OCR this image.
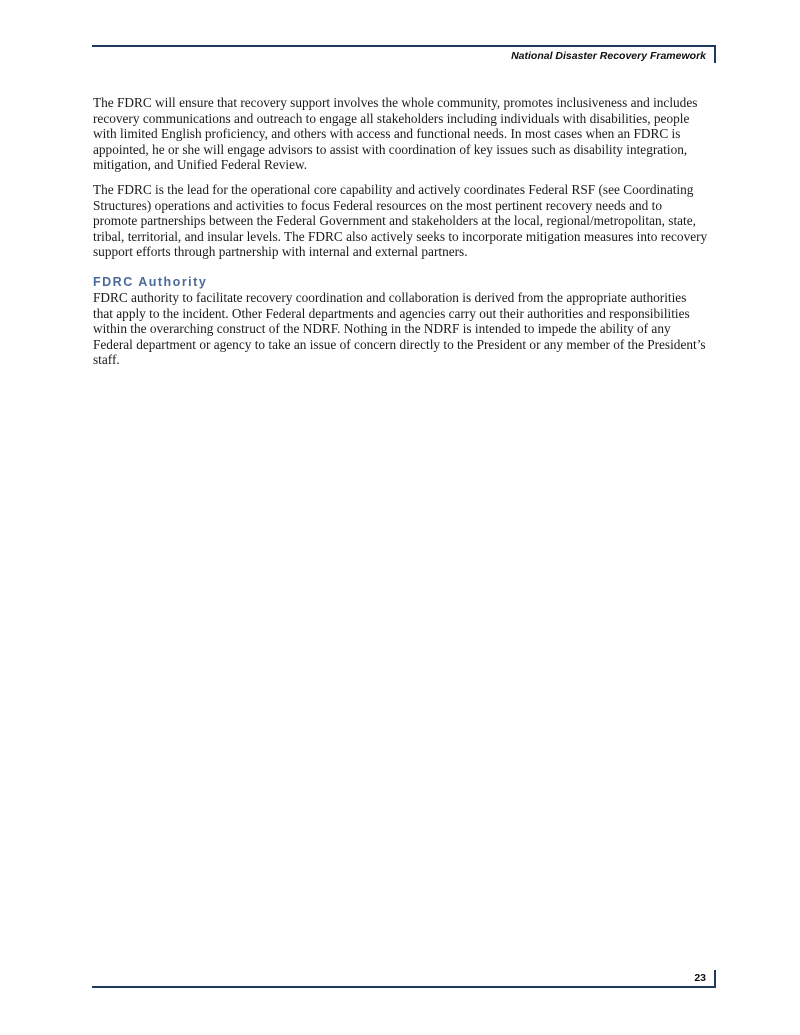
National Disaster Recovery Framework

The FDRC will ensure that recovery support involves the whole community, promotes inclusiveness and includes recovery communications and outreach to engage all stakeholders including individuals with disabilities, people with limited English proficiency, and others with access and functional needs. In most cases when an FDRC is appointed, he or she will engage advisors to assist with coordination of key issues such as disability integration, mitigation, and Unified Federal Review.

The FDRC is the lead for the operational core capability and actively coordinates Federal RSF (see Coordinating Structures) operations and activities to focus Federal resources on the most pertinent recovery needs and to promote partnerships between the Federal Government and stakeholders at the local, regional/metropolitan, state, tribal, territorial, and insular levels. The FDRC also actively seeks to incorporate mitigation measures into recovery support efforts through partnership with internal and external partners.

FDRC Authority

FDRC authority to facilitate recovery coordination and collaboration is derived from the appropriate authorities that apply to the incident. Other Federal departments and agencies carry out their authorities and responsibilities within the overarching construct of the NDRF. Nothing in the NDRF is intended to impede the ability of any Federal department or agency to take an issue of concern directly to the President or any member of the President’s staff.

23
